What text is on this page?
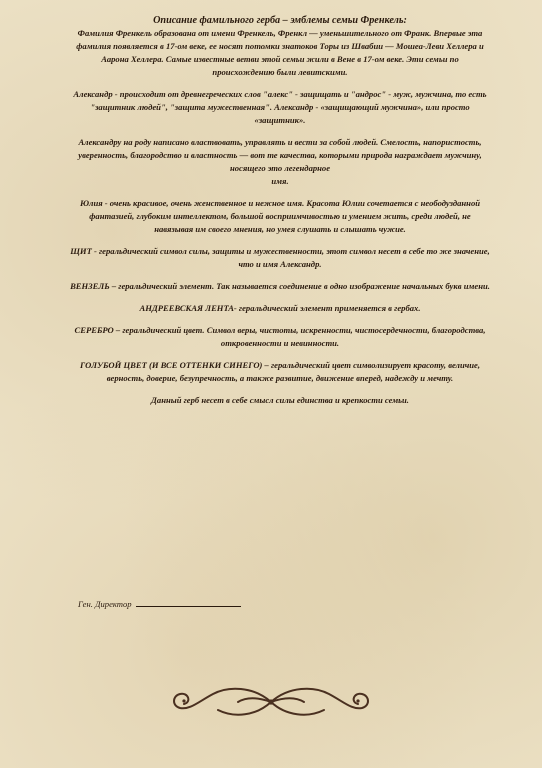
Описание фамильного герба – эмблемы семьи Френкель:

Фамилия Френкель образована от имени Френкель, Френкл — уменьшительного от Франк. Впервые эта фамилия появляется в 17-ом веке, ее носят потомки знатоков Торы из Швабии — Мошеа-Леви Хеллера и Аарона Хеллера. Самые известные ветви этой семьи жили в Вене в 17-ом веке. Эти семьи по происхождению были левитскими.

Александр - происходит от древнегреческих слов "алекс" - защищать и "андрос" - муж, мужчина, то есть "защитник людей", "защита мужественная". Александр - «защищающий мужчина», или просто «защитник».

Александру на роду написано властвовать, управлять и вести за собой людей. Смелость, напористость, уверенность, благородство и властность — вот те качества, которыми природа награждает мужчину, носящего это легендарное

имя.

Юлия - очень красивое, очень женственное и нежное имя. Красота Юлии сочетается с неободузданной фантазией, глубоким интеллектом, большой восприимчивостью и умением жить, среди людей, не навязывая им своего мнения, но умея слушать и слышать чужие.

ЩИТ - геральдический символ силы, защиты и мужественности, этот символ несет в себе то же значение, что и имя Александр.

ВЕНЗЕЛЬ – геральдический элемент. Так называется соединение в одно изображение начальных букв имени.

АНДРЕЕВСКАЯ ЛЕНТА- геральдический элемент применяется в гербах.

СЕРЕБРО – геральдический цвет. Символ веры, чистоты, искренности, чистосердечности, благородства, откровенности и невинности.

ГОЛУБОЙ ЦВЕТ (И ВСЕ ОТТЕНКИ СИНЕГО) – геральдический цвет символизирует красоту, величие, верность, доверие, безупречность, а также развитие, движение вперед, надежду и мечту.

Данный герб несет в себе смысл силы единства и крепкости семьи.

Ген. Директор
